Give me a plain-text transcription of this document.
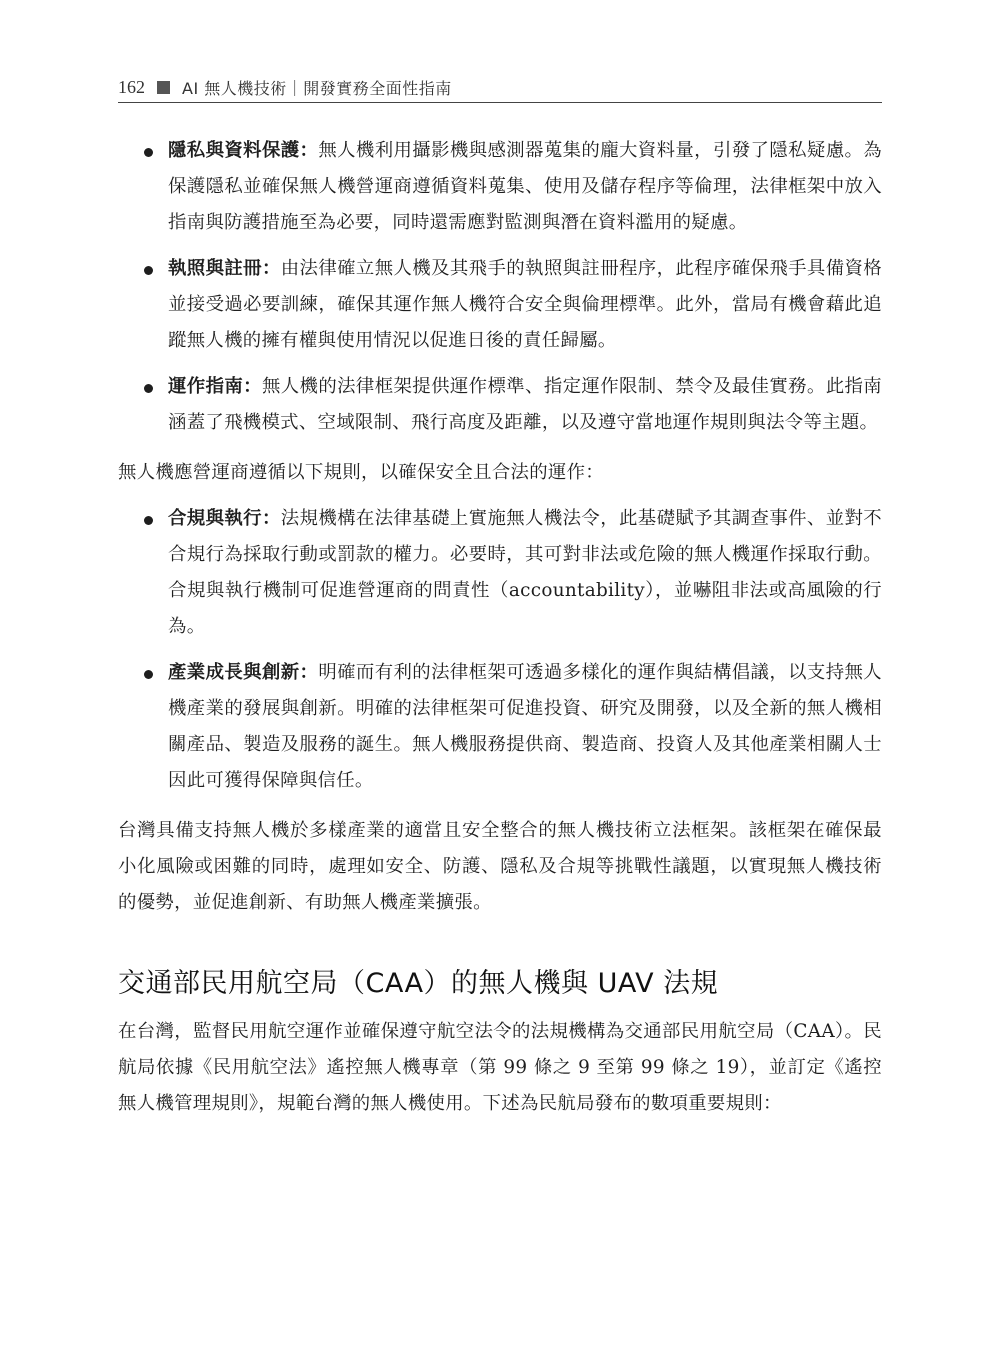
162 AI 無人機技術｜開發實務全面性指南
隱私與資料保護：無人機利用攝影機與感測器蒐集的龐大資料量，引發了隱私疑慮。為保護隱私並確保無人機營運商遵循資料蒐集、使用及儲存程序等倫理，法律框架中放入指南與防護措施至為必要，同時還需應對監測與潛在資料濫用的疑慮。
執照與註冊：由法律確立無人機及其飛手的執照與註冊程序，此程序確保飛手具備資格並接受過必要訓練，確保其運作無人機符合安全與倫理標準。此外，當局有機會藉此追蹤無人機的擁有權與使用情況以促進日後的責任歸屬。
運作指南：無人機的法律框架提供運作標準、指定運作限制、禁令及最佳實務。此指南涵蓋了飛機模式、空域限制、飛行高度及距離，以及遵守當地運作規則與法令等主題。

無人機應營運商遵循以下規則，以確保安全且合法的運作：

合規與執行：法規機構在法律基礎上實施無人機法令，此基礎賦予其調查事件、並對不合規行為採取行動或罰款的權力。必要時，其可對非法或危險的無人機運作採取行動。合規與執行機制可促進營運商的問責性（accountability），並嚇阻非法或高風險的行為。
產業成長與創新：明確而有利的法律框架可透過多樣化的運作與結構倡議，以支持無人機產業的發展與創新。明確的法律框架可促進投資、研究及開發，以及全新的無人機相關產品、製造及服務的誕生。無人機服務提供商、製造商、投資人及其他產業相關人士因此可獲得保障與信任。

台灣具備支持無人機於多樣產業的適當且安全整合的無人機技術立法框架。該框架在確保最小化風險或困難的同時，處理如安全、防護、隱私及合規等挑戰性議題，以實現無人機技術的優勢，並促進創新、有助無人機產業擴張。

交通部民用航空局（CAA）的無人機與 UAV 法規

在台灣，監督民用航空運作並確保遵守航空法令的法規機構為交通部民用航空局（CAA）。民航局依據《民用航空法》遙控無人機專章（第 99 條之 9 至第 99 條之 19），並訂定《遙控無人機管理規則》，規範台灣的無人機使用。下述為民航局發布的數項重要規則：
